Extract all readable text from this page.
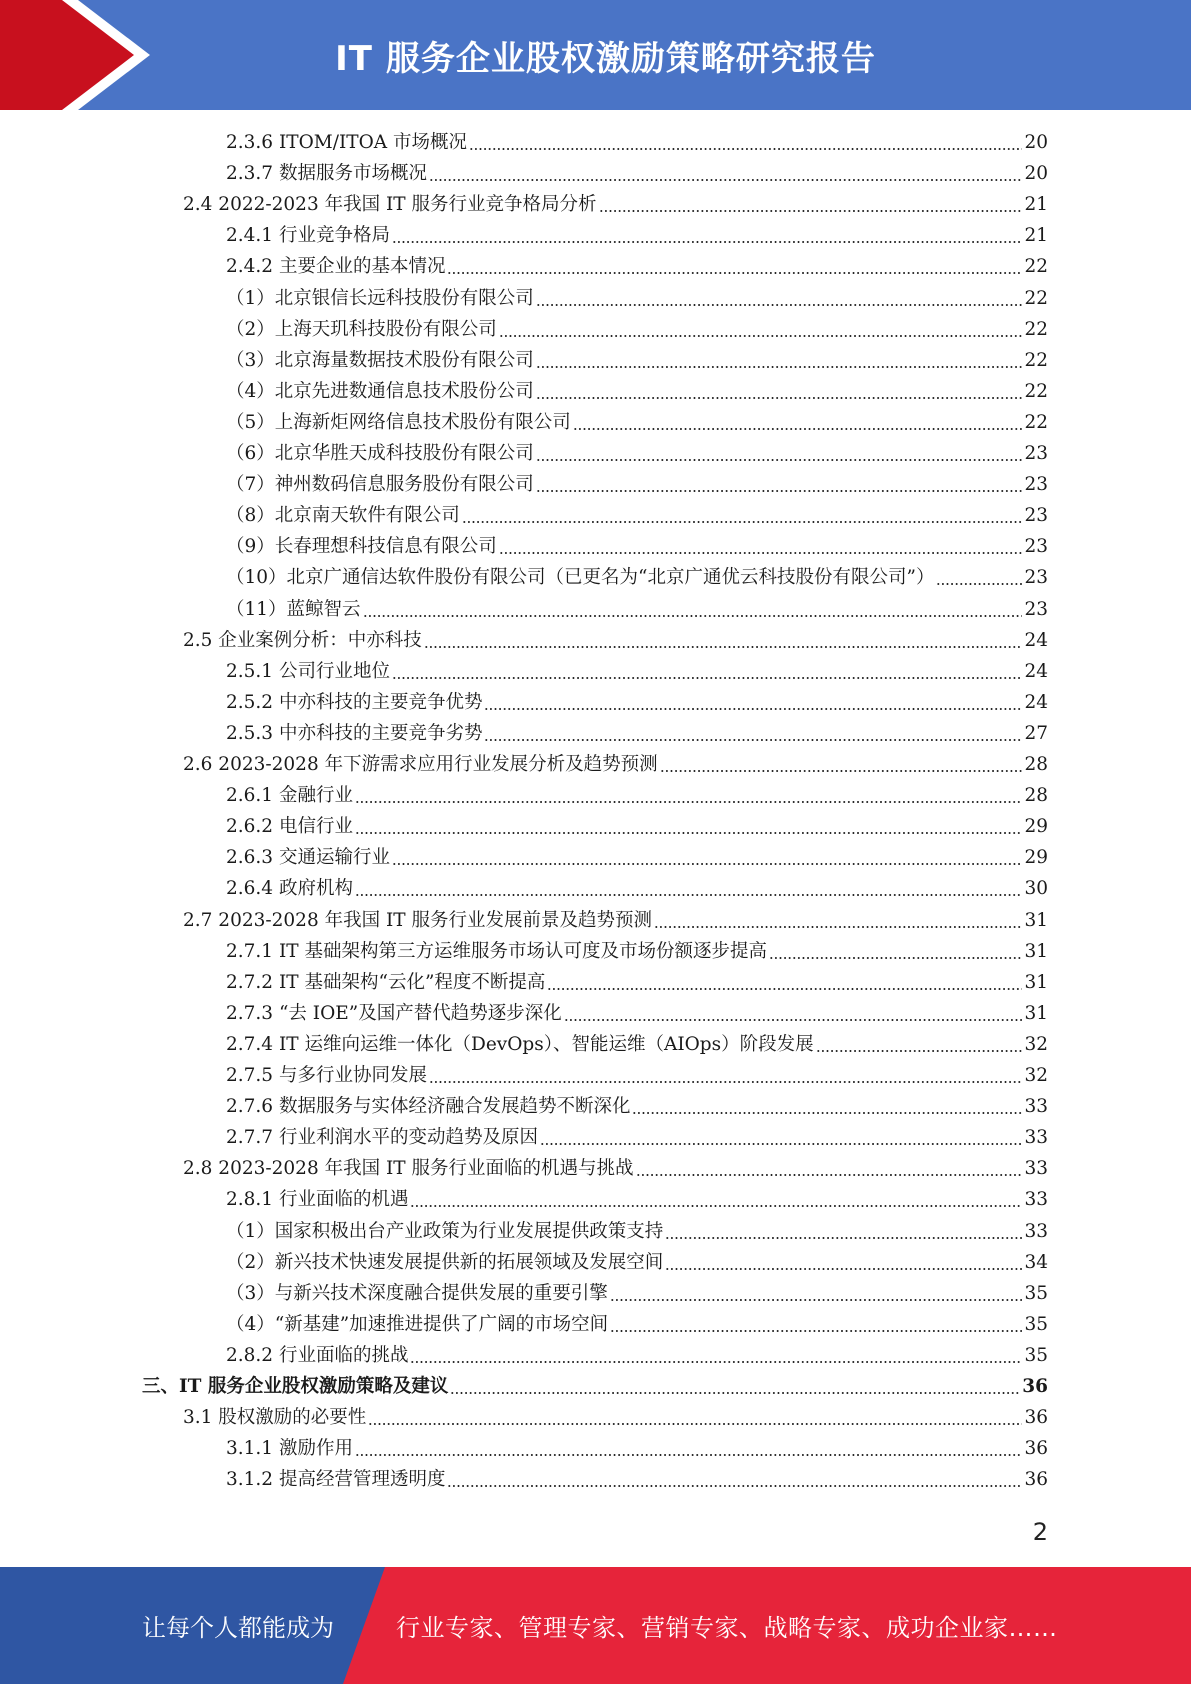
IT 服务企业股权激励策略研究报告
2.3.6 ITOM/ITOA 市场概况	20
2.3.7 数据服务市场概况	20
2.4 2022-2023 年我国 IT 服务行业竞争格局分析	21
2.4.1 行业竞争格局	21
2.4.2 主要企业的基本情况	22
（1）北京银信长远科技股份有限公司	22
（2）上海天玑科技股份有限公司	22
（3）北京海量数据技术股份有限公司	22
（4）北京先进数通信息技术股份公司	22
（5）上海新炬网络信息技术股份有限公司	22
（6）北京华胜天成科技股份有限公司	23
（7）神州数码信息服务股份有限公司	23
（8）北京南天软件有限公司	23
（9）长春理想科技信息有限公司	23
（10）北京广通信达软件股份有限公司（已更名为“北京广通优云科技股份有限公司”）	23
（11）蓝鲸智云	23
2.5 企业案例分析：中亦科技	24
2.5.1 公司行业地位	24
2.5.2 中亦科技的主要竞争优势	24
2.5.3 中亦科技的主要竞争劣势	27
2.6 2023-2028 年下游需求应用行业发展分析及趋势预测	28
2.6.1 金融行业	28
2.6.2 电信行业	29
2.6.3 交通运输行业	29
2.6.4 政府机构	30
2.7 2023-2028 年我国 IT 服务行业发展前景及趋势预测	31
2.7.1 IT 基础架构第三方运维服务市场认可度及市场份额逐步提高	31
2.7.2 IT 基础架构“云化”程度不断提高	31
2.7.3 “去 IOE”及国产替代趋势逐步深化	31
2.7.4 IT 运维向运维一体化（DevOps）、智能运维（AIOps）阶段发展	32
2.7.5 与多行业协同发展	32
2.7.6 数据服务与实体经济融合发展趋势不断深化	33
2.7.7 行业利润水平的变动趋势及原因	33
2.8 2023-2028 年我国 IT 服务行业面临的机遇与挑战	33
2.8.1 行业面临的机遇	33
（1）国家积极出台产业政策为行业发展提供政策支持	33
（2）新兴技术快速发展提供新的拓展领域及发展空间	34
（3）与新兴技术深度融合提供发展的重要引擎	35
（4）“新基建”加速推进提供了广阔的市场空间	35
2.8.2 行业面临的挑战	35
三、IT 服务企业股权激励策略及建议	36
3.1 股权激励的必要性	36
3.1.1 激励作用	36
3.1.2 提高经营管理透明度	36
2
让每个人都能成为	行业专家、管理专家、营销专家、战略专家、成功企业家……
